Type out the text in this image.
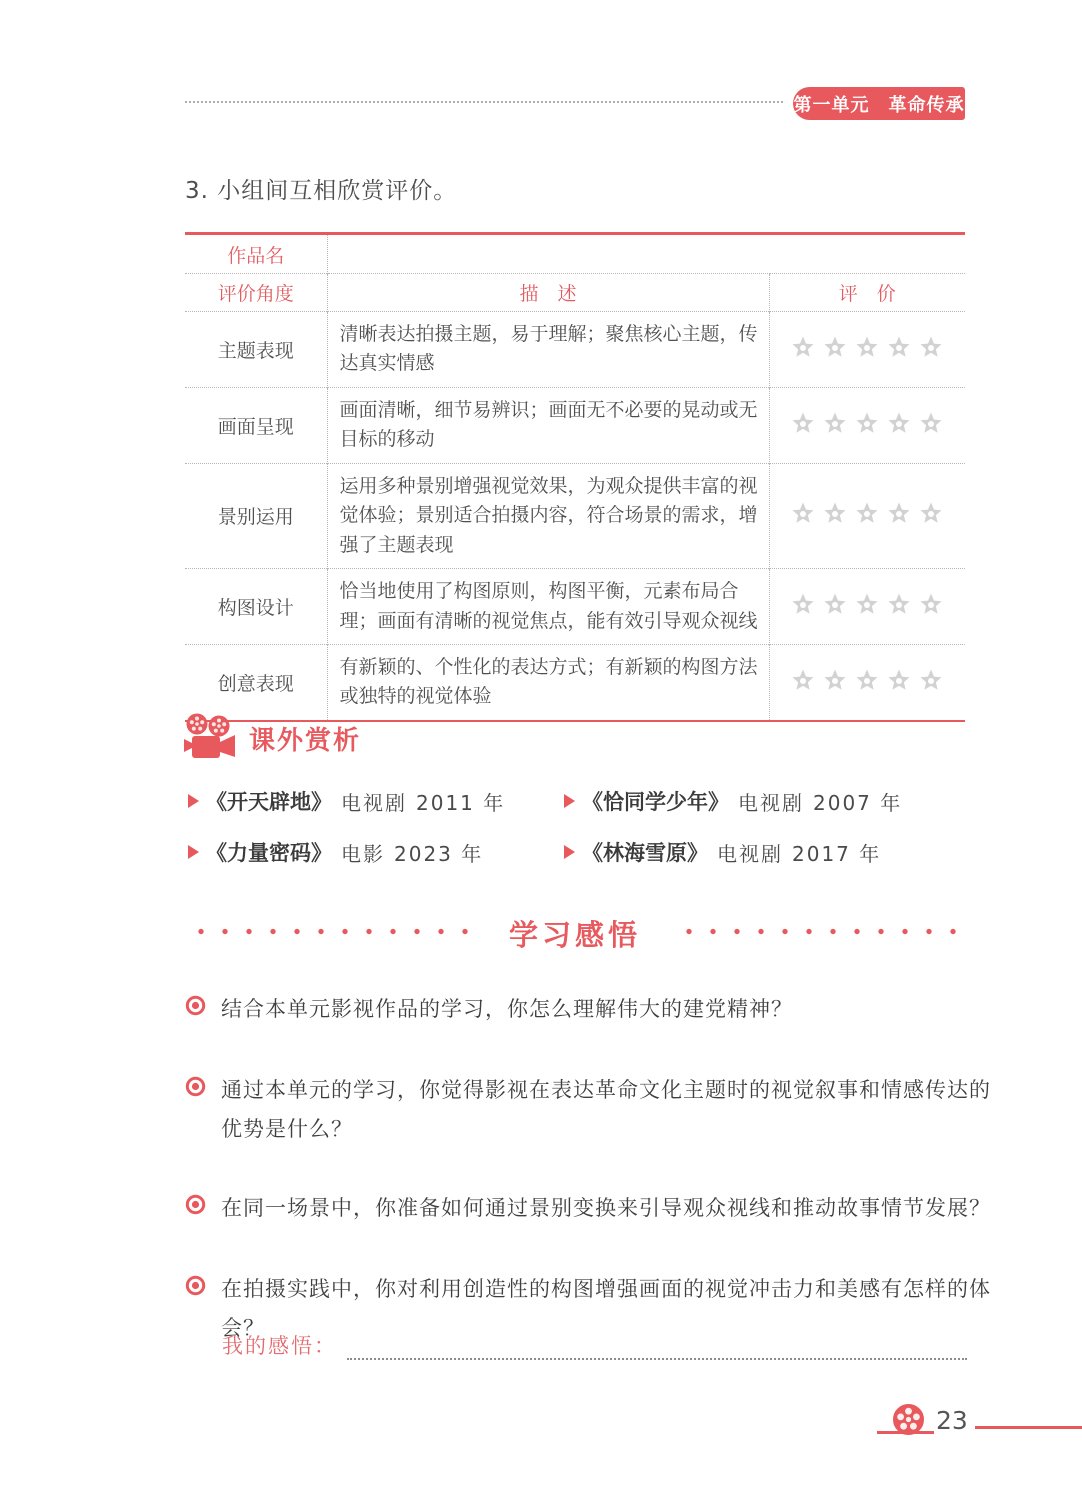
第一单元　革命传承
3. 小组间互相欣赏评价。
作品名		
评价角度	描　述	评　价
主题表现	清晰表达拍摄主题，易于理解；聚焦核心主题，传达真实情感	

画面呈现	画面清晰，细节易辨识；画面无不必要的晃动或无目标的移动	

景别运用	运用多种景别增强视觉效果，为观众提供丰富的视觉体验；景别适合拍摄内容，符合场景的需求，增强了主题表现	

构图设计	恰当地使用了构图原则，构图平衡，元素布局合理；画面有清晰的视觉焦点，能有效引导观众视线	

创意表现	有新颖的、个性化的表达方式；有新颖的构图方法或独特的视觉体验	
课外赏析
《开天辟地》 电视剧 2011 年	《恰同学少年》 电视剧 2007 年
《力量密码》 电影 2023 年	《林海雪原》 电视剧 2017 年
学习感悟
结合本单元影视作品的学习，你怎么理解伟大的建党精神？
通过本单元的学习，你觉得影视在表达革命文化主题时的视觉叙事和情感传达的优势是什么？
在同一场景中，你准备如何通过景别变换来引导观众视线和推动故事情节发展？
在拍摄实践中，你对利用创造性的构图增强画面的视觉冲击力和美感有怎样的体会？
我的感悟：
23
